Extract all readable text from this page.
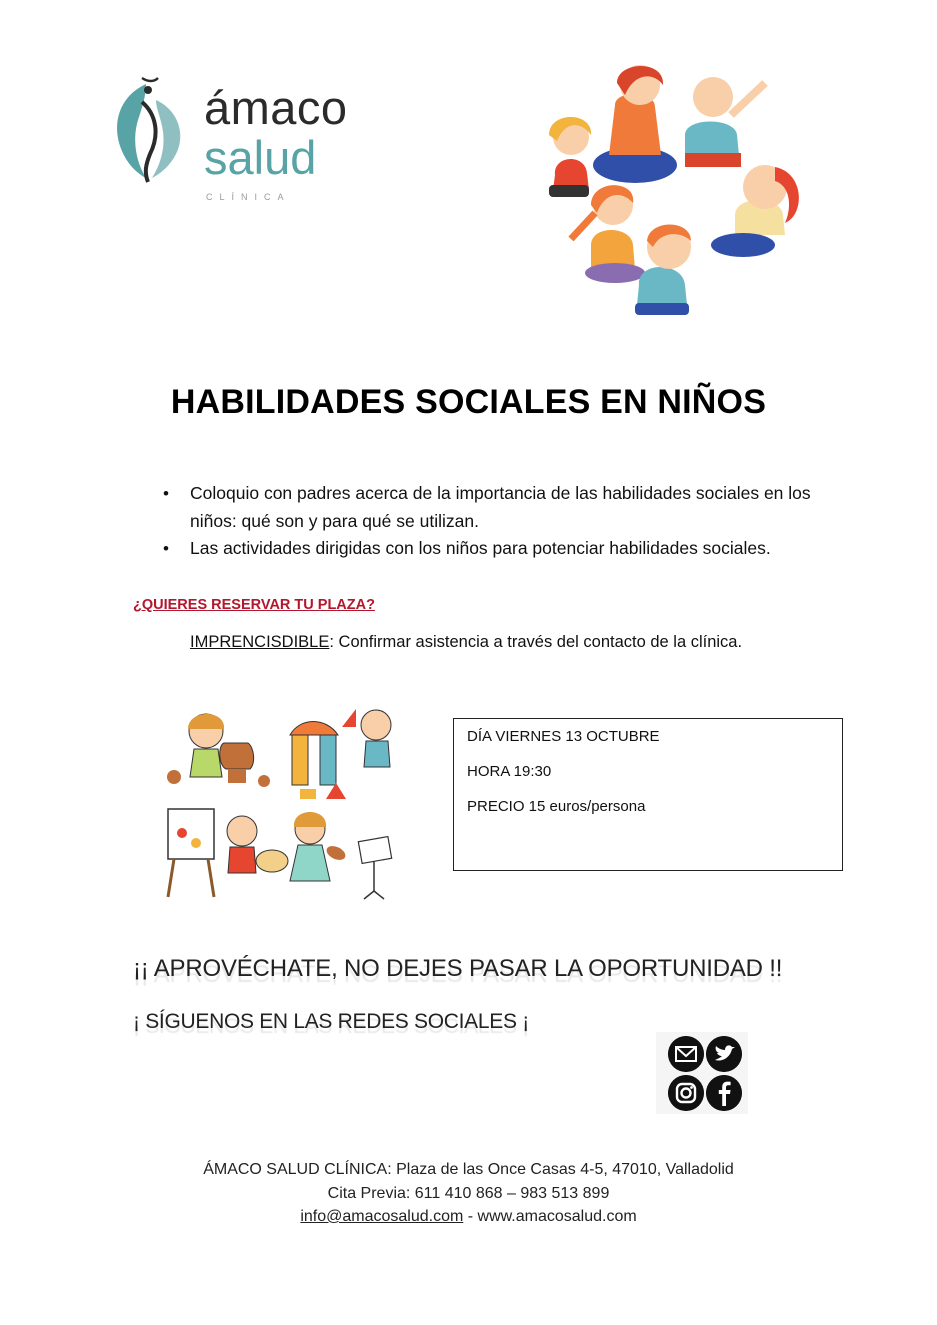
ámaco
salud
CLÍNICA
HABILIDADES SOCIALES EN NIÑOS
• Coloquio con padres acerca de la importancia de las habilidades sociales en los niños: qué son y para qué se utilizan.
• Las actividades dirigidas con los niños para potenciar habilidades sociales.
¿QUIERES RESERVAR TU PLAZA?
IMPRENCISDIBLE: Confirmar asistencia a través del contacto de la clínica.

DÍA VIERNES 13 OCTUBRE

HORA 19:30

PRECIO 15 euros/persona

¡¡ APROVÉCHATE, NO DEJES PASAR LA OPORTUNIDAD !!
¡ SÍGUENOS EN LAS REDES SOCIALES ¡
ÁMACO SALUD CLÍNICA: Plaza de las Once Casas 4-5, 47010, Valladolid
Cita Previa: 611 410 868 – 983 513 899
info@amacosalud.com - www.amacosalud.com
